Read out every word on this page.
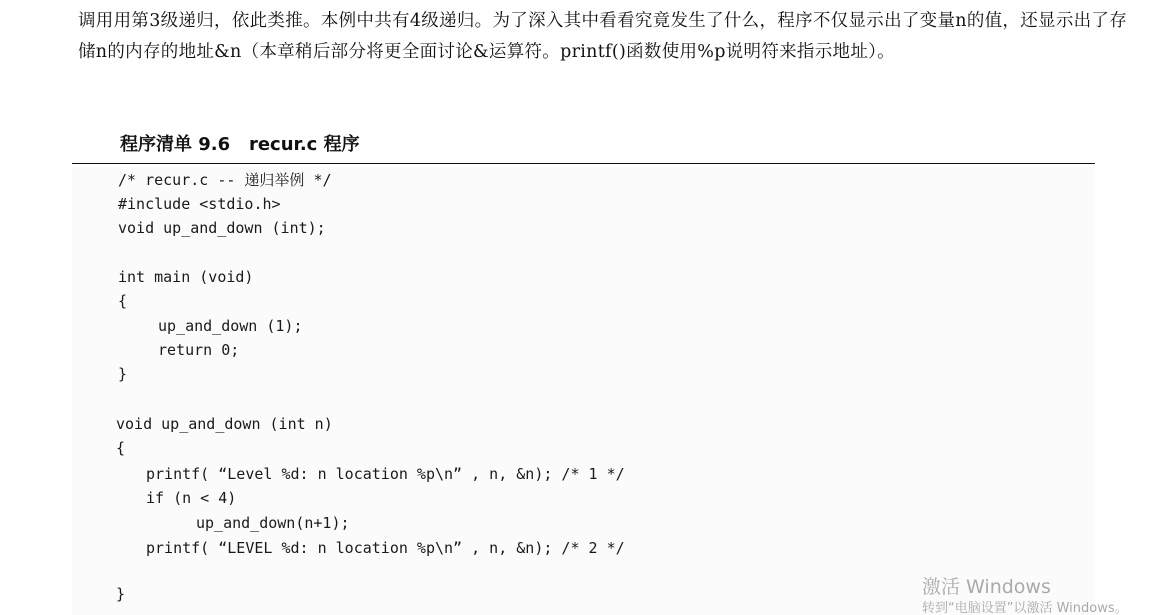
调用用第3级递归，依此类推。本例中共有4级递归。为了深入其中看看究竟发生了什么，程序不仅显示出了变量n的值，还显示出了存储n的内存的地址&n（本章稍后部分将更全面讨论&运算符。printf()函数使用%p说明符来指示地址）。

程序清单 9.6   recur.c 程序
/* recur.c -- 递归举例 */
#include <stdio.h>
void up_and_down (int);
int main (void)
{
up_and_down (1);
return 0;
}
void up_and_down (int n)
{
printf( “Level %d: n location %p\n” , n, &n); /* 1 */
if (n < 4)
up_and_down(n+1);
printf( “LEVEL %d: n location %p\n” , n, &n); /* 2 */
}	激活 Windows
转到“电脑设置”以激活 Windows。
